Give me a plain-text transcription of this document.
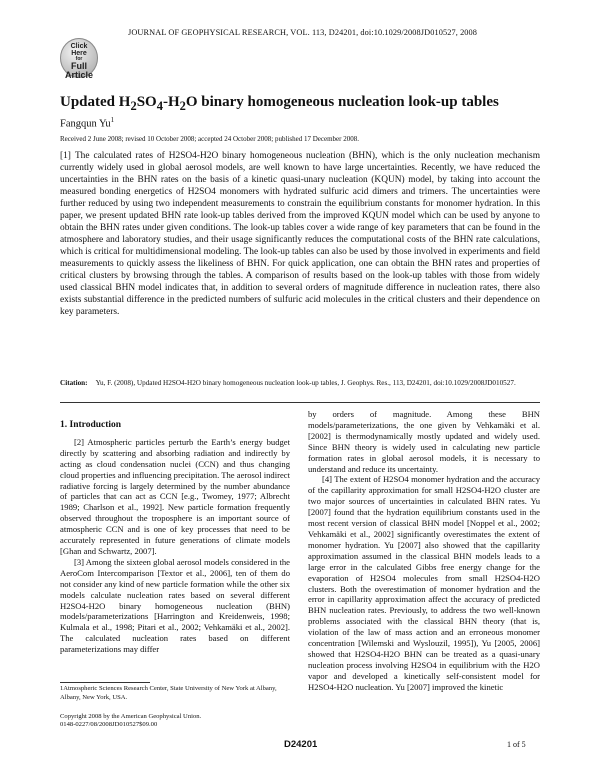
Click
Here
for
Full Article
JOURNAL OF GEOPHYSICAL RESEARCH, VOL. 113, D24201, doi:10.1029/2008JD010527, 2008
Updated $H_2SO_4-H_2O$ binary homogeneous nucleation look-up tables
Fangqun Yu$^1$
Received 2 June 2008; revised 10 October 2008; accepted 24 October 2008; published 17 December 2008.
[1] The calculated rates of H2SO4-H2O binary homogeneous nucleation (BHN), which is the only nucleation mechanism currently widely used in global aerosol models, are well known to have large uncertainties. Recently, we have reduced the uncertainties in the BHN rates on the basis of a kinetic quasi-unary nucleation (KQUN) model, by taking into account the measured bonding energetics of H2SO4 monomers with hydrated sulfuric acid dimers and trimers. The uncertainties were further reduced by using two independent measurements to constrain the equilibrium constants for monomer hydration. In this paper, we present updated BHN rate look-up tables derived from the improved KQUN model which can be used by anyone to obtain the BHN rates under given conditions. The look-up tables cover a wide range of key parameters that can be found in the atmosphere and laboratory studies, and their usage significantly reduces the computational costs of the BHN rate calculations, which is critical for multidimensional modeling. The look-up tables can also be used by those involved in experiments and field measurements to quickly assess the likeliness of BHN. For quick application, one can obtain the BHN rates and properties of critical clusters by browsing through the tables. A comparison of results based on the look-up tables with those from widely used classical BHN model indicates that, in addition to several orders of magnitude difference in nucleation rates, there also exists substantial difference in the predicted numbers of sulfuric acid molecules in the critical clusters and their dependence on key parameters.
Citation: Yu, F. (2008), Updated H2SO4-H2O binary homogeneous nucleation look-up tables, J. Geophys. Res., 113, D24201, doi:10.1029/2008JD010527.
1. Introduction

[2] Atmospheric particles perturb the Earth’s energy budget directly by scattering and absorbing radiation and indirectly by acting as cloud condensation nuclei (CCN) and thus changing cloud properties and influencing precipitation. The aerosol indirect radiative forcing is largely determined by the number abundance of particles that can act as CCN [e.g., Twomey, 1977; Albrecht 1989; Charlson et al., 1992]. New particle formation frequently observed throughout the troposphere is an important source of atmospheric CCN and is one of key processes that need to be accurately represented in future generations of climate models [Ghan and Schwartz, 2007].

[3] Among the sixteen global aerosol models considered in the AeroCom Intercomparison [Textor et al., 2006], ten of them do not consider any kind of new particle formation while the other six models calculate nucleation rates based on several different H2SO4-H2O binary homogeneous nucleation (BHN) models/parameterizations [Harrington and Kreidenweis, 1998; Kulmala et al., 1998; Pitari et al., 2002; Vehkamäki et al., 2002]. The calculated nucleation rates based on different parameterizations may differ

by orders of magnitude. Among these BHN models/parameterizations, the one given by Vehkamäki et al. [2002] is thermodynamically mostly updated and widely used. Since BHN theory is widely used in calculating new particle formation rates in global aerosol models, it is necessary to understand and reduce its uncertainty.

[4] The extent of H2SO4 monomer hydration and the accuracy of the capillarity approximation for small H2SO4-H2O cluster are two major sources of uncertainties in calculated BHN rates. Yu [2007] found that the hydration equilibrium constants used in the most recent version of classical BHN model [Noppel et al., 2002; Vehkamäki et al., 2002] significantly overestimates the extent of monomer hydration. Yu [2007] also showed that the capillarity approximation assumed in the classical BHN models leads to a large error in the calculated Gibbs free energy change for the evaporation of H2SO4 molecules from small H2SO4-H2O clusters. Both the overestimation of monomer hydration and the error in capillarity approximation affect the accuracy of predicted BHN nucleation rates. Previously, to address the two well-known problems associated with the classical BHN theory (that is, violation of the law of mass action and an erroneous monomer concentration [Wilemski and Wyslouzil, 1995]), Yu [2005, 2006] showed that H2SO4-H2O BHN can be treated as a quasi-unary nucleation process involving H2SO4 in equilibrium with the H2O vapor and developed a kinetically self-consistent model for H2SO4-H2O nucleation. Yu [2007] improved the kinetic

1Atmospheric Sciences Research Center, State University of New York at Albany, Albany, New York, USA.
Copyright 2008 by the American Geophysical Union.
0148-0227/08/2008JD010527$09.00
D24201	1 of 5
